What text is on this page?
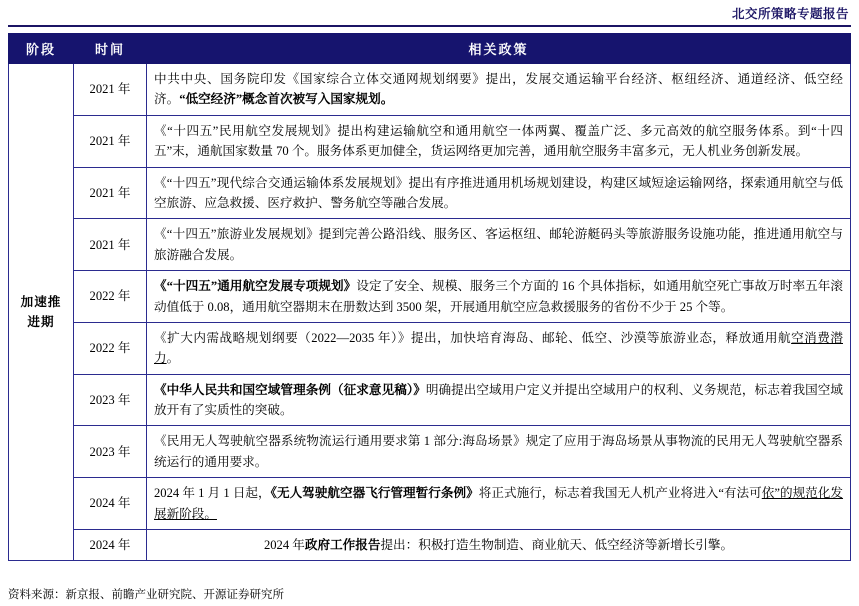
北交所策略专题报告
阶段	时间	相关政策
加速推进期	2021 年	中共中央、国务院印发《国家综合立体交通网规划纲要》提出，发展交通运输平台经济、枢纽经济、通道经济、低空经济。“低空经济”概念首次被写入国家规划。
	2021 年	《“十四五”民用航空发展规划》提出构建运输航空和通用航空一体两翼、覆盖广泛、多元高效的航空服务体系。到“十四五”末，通航国家数量 70 个。服务体系更加健全，货运网络更加完善，通用航空服务丰富多元，无人机业务创新发展。
	2021 年	《“十四五”现代综合交通运输体系发展规划》提出有序推进通用机场规划建设，构建区域短途运输网络，探索通用航空与低空旅游、应急救援、医疗救护、警务航空等融合发展。
	2021 年	《“十四五”旅游业发展规划》提到完善公路沿线、服务区、客运枢纽、邮轮游艇码头等旅游服务设施功能，推进通用航空与旅游融合发展。
	2022 年	《“十四五”通用航空发展专项规划》设定了安全、规模、服务三个方面的 16 个具体指标，如通用航空死亡事故万时率五年滚动值低于 0.08，通用航空器期末在册数达到 3500 架，开展通用航空应急救援服务的省份不少于 25 个等。
	2022 年	《扩大内需战略规划纲要（2022—2035 年）》提出，加快培育海岛、邮轮、低空、沙漠等旅游业态，释放通用航空消费潜力。
	2023 年	《中华人民共和国空域管理条例（征求意见稿）》明确提出空域用户定义并提出空域用户的权利、义务规范，标志着我国空域放开有了实质性的突破。
	2023 年	《民用无人驾驶航空器系统物流运行通用要求第 1 部分:海岛场景》规定了应用于海岛场景从事物流的民用无人驾驶航空器系统运行的通用要求。
	2024 年	2024 年 1 月 1 日起，《无人驾驶航空器飞行管理暂行条例》将正式施行，标志着我国无人机产业将进入“有法可依”的规范化发展新阶段。
	2024 年	2024 年政府工作报告提出：积极打造生物制造、商业航天、低空经济等新增长引擎。
资料来源：新京报、前瞻产业研究院、开源证券研究所
